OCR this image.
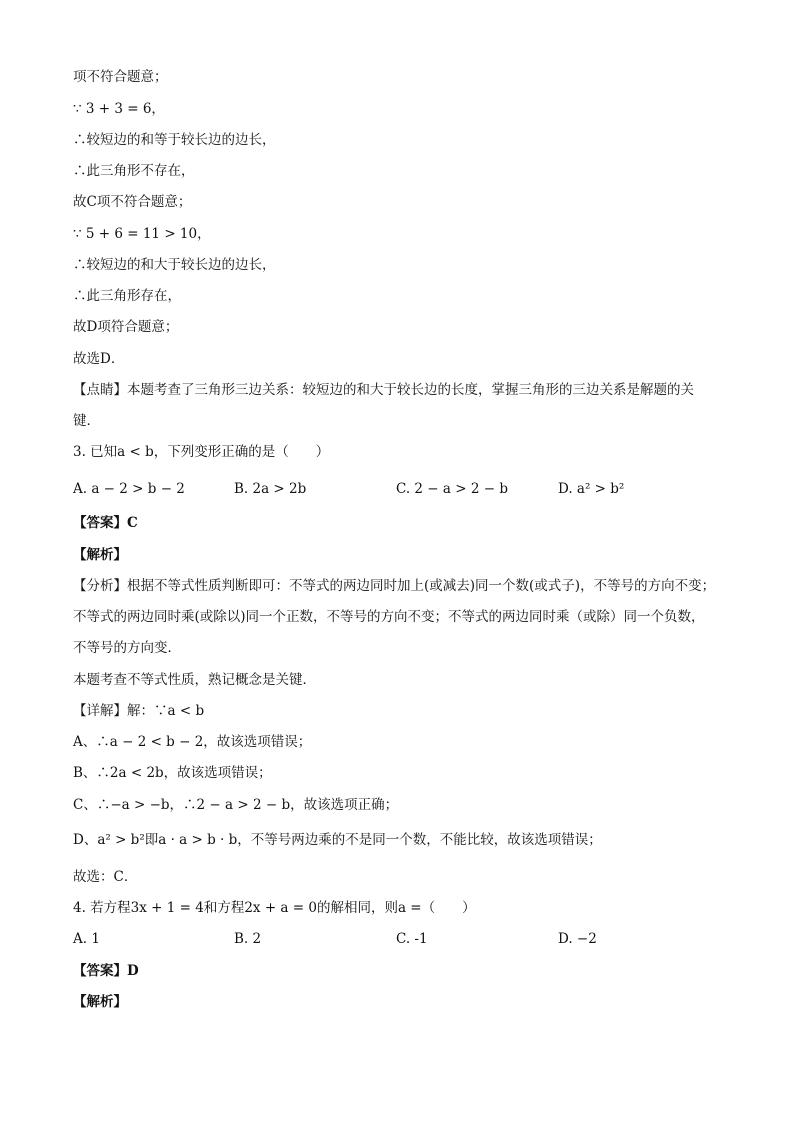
项不符合题意；
∵ 3 + 3 = 6，
∴较短边的和等于较长边的边长，
∴此三角形不存在，
故C项不符合题意；
∵ 5 + 6 = 11 > 10，
∴较短边的和大于较长边的边长，
∴此三角形存在，
故D项符合题意；
故选D．
【点睛】本题考查了三角形三边关系：较短边的和大于较长边的长度，掌握三角形的三边关系是解题的关
键．
3. 已知a < b，下列变形正确的是（　　）
A. a − 2 > b − 2	B. 2a > 2b	C. 2 − a > 2 − b	D. a² > b²
【答案】C
【解析】
【分析】根据不等式性质判断即可：不等式的两边同时加上(或减去)同一个数(或式子)，不等号的方向不变；
不等式的两边同时乘(或除以)同一个正数，不等号的方向不变；不等式的两边同时乘（或除）同一个负数，
不等号的方向变．
本题考查不等式性质，熟记概念是关键．
【详解】解：∵a < b
A、∴a − 2 < b − 2，故该选项错误；
B、∴2a < 2b，故该选项错误；
C、∴−a > −b，∴2 − a > 2 − b，故该选项正确；
D、a² > b²即a · a > b · b，不等号两边乘的不是同一个数，不能比较，故该选项错误；
故选：C．
4. 若方程3x + 1 = 4和方程2x + a = 0的解相同，则a =（　　）
A. 1	B. 2	C. -1	D. −2
【答案】D
【解析】
